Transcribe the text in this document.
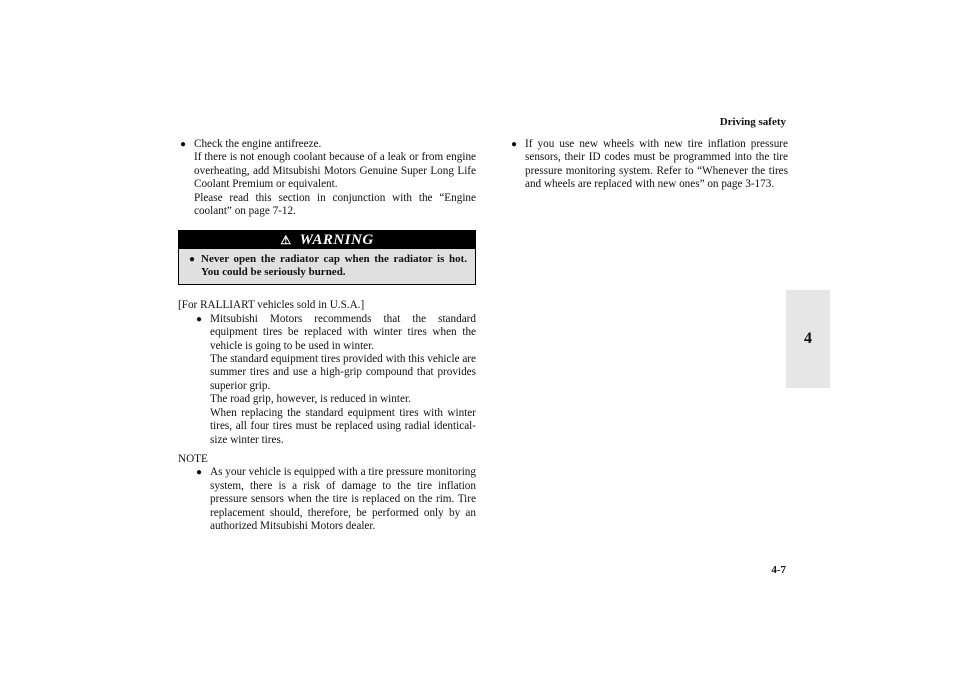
Driving safety
4
● Check the engine antifreeze.
If there is not enough coolant because of a leak or from engine overheating, add Mitsubishi Motors Genuine Super Long Life Coolant Premium or equivalent.
Please read this section in conjunction with the “Engine coolant” on page 7-12.
⚠ WARNING
● Never open the radiator cap when the radiator is hot. You could be seriously burned.
[For RALLIART vehicles sold in U.S.A.]
● Mitsubishi Motors recommends that the standard equipment tires be replaced with winter tires when the vehicle is going to be used in winter.
The standard equipment tires provided with this vehicle are summer tires and use a high-grip compound that provides superior grip.
The road grip, however, is reduced in winter.
When replacing the standard equipment tires with winter tires, all four tires must be replaced using radial identical-size winter tires.
NOTE
● As your vehicle is equipped with a tire pressure monitoring system, there is a risk of damage to the tire inflation pressure sensors when the tire is replaced on the rim. Tire replacement should, therefore, be performed only by an authorized Mitsubishi Motors dealer.
● If you use new wheels with new tire inflation pressure sensors, their ID codes must be programmed into the tire pressure monitoring system. Refer to “Whenever the tires and wheels are replaced with new ones” on page 3-173.
4-7
